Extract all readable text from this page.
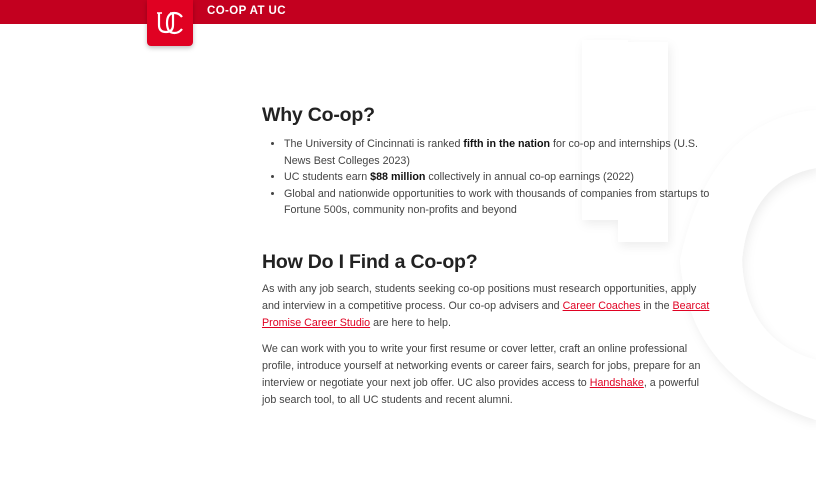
CO-OP AT UC
Why Co-op?
• The University of Cincinnati is ranked fifth in the nation for co-op and internships (U.S. News Best Colleges 2023)
• UC students earn $88 million collectively in annual co-op earnings (2022)
• Global and nationwide opportunities to work with thousands of companies from startups to Fortune 500s, community non-profits and beyond
How Do I Find a Co-op?

As with any job search, students seeking co-op positions must research opportunities, apply and interview in a competitive process. Our co-op advisers and Career Coaches in the Bearcat Promise Career Studio are here to help.

We can work with you to write your first resume or cover letter, craft an online professional profile, introduce yourself at networking events or career fairs, search for jobs, prepare for an interview or negotiate your next job offer. UC also provides access to Handshake, a powerful job search tool, to all UC students and recent alumni.
